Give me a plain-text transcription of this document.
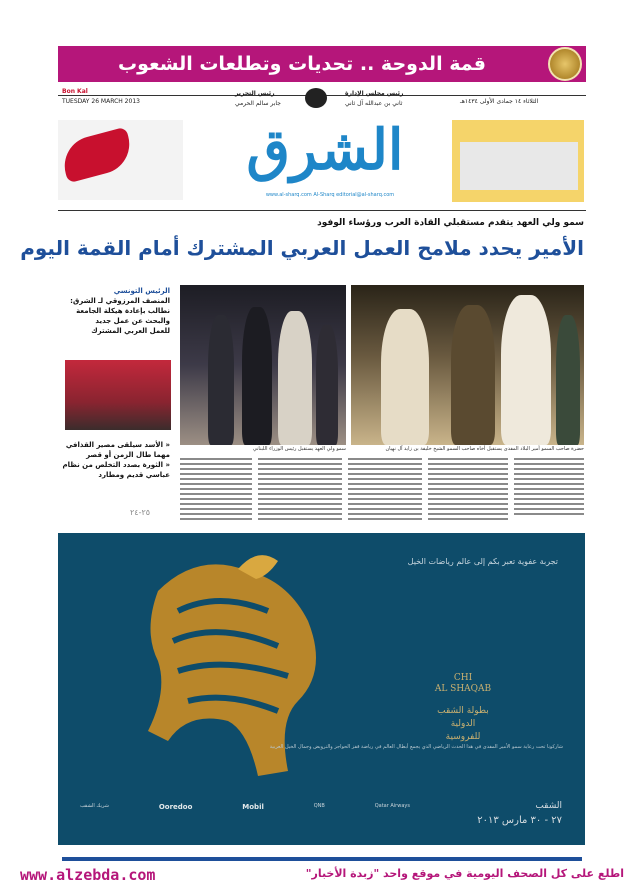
قمة الدوحة .. تحديات وتطلعات الشعوب
Bon Kal
TUESDAY 26 MARCH 2013
رئيس التحرير
جابر سالم الحرمي
رئيس مجلس الإدارة
ثاني بن عبدالله آل ثاني	الثلاثاء ١٤ جمادى الأولى ١٤٣٤هـ
الشرق
www.al-sharq.com Al-Sharq editorial@al-sharq.com
سمو ولي العهد يتقدم مستقبلي القادة العرب ورؤساء الوفود
الأمير يحدد ملامح العمل العربي المشترك أمام القمة اليوم
الرئيس التونسي
المنصف المرزوقي لـ الشرق:
نطالب بإعادة هيكلة الجامعة
والبحث عن عمل جديد
للعمل العربي المشترك
« الأسد سيلقى مصير القذافي
مهما طال الزمن أو قصر
« الثورة بصدد التخلص من نظام
عباسي قديم ومطارد
٢٥-٢٤
سمو ولي العهد يستقبل رئيس الوزراء اللبناني	حضرة صاحب السمو أمير البلاد المفدى يستقبل أخاه صاحب السمو الشيخ خليفة بن زايد آل نهيان
تجربة عفوية تعبر بكم إلى عالم رياضات الخيل
CHI
AL SHAQAB
بطولة الشقب
الدولية
للفروسية
شاركونا تحت رعاية سمو الأمير المفدى في هذا الحدث الرياضي الذي يجمع أبطال العالم في رياضة قفز الحواجز والترويض وجمال الخيل العربية
شريك الشقب	Ooredoo	Mobil	QNB	Qatar Airways	الشقب
٢٧ - ٣٠ مارس ٢٠١٣
www.alzebda.com	اطلع على كل الصحف اليومية في موقع واحد "زبدة الأخبار"
